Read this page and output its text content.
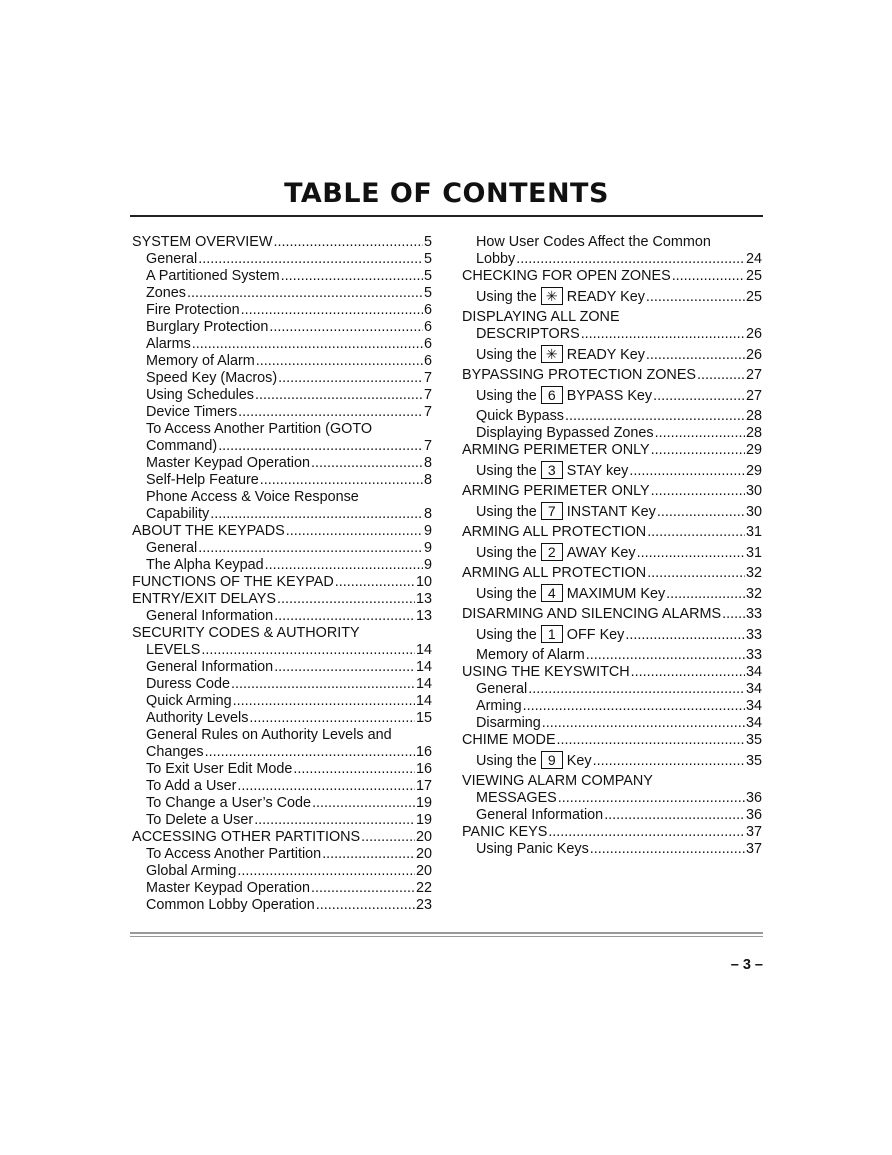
TABLE OF CONTENTS
SYSTEM OVERVIEW .....	5
General .....	5
A Partitioned System .....	5
Zones .....	5
Fire Protection .....	6
Burglary Protection .....	6
Alarms .....	6
Memory of Alarm .....	6
Speed Key (Macros) .....	7
Using Schedules .....	7
Device Timers .....	7
To Access Another Partition (GOTO
Command) .....	7
Master Keypad Operation .....	8
Self-Help Feature .....	8
Phone Access & Voice Response
Capability .....	8
ABOUT THE KEYPADS .....	9
General .....	9
The Alpha Keypad .....	9
FUNCTIONS OF THE KEYPAD .....	10
ENTRY/EXIT DELAYS .....	13
General Information .....	13
SECURITY CODES & AUTHORITY
LEVELS .....	14
General Information .....	14
Duress Code .....	14
Quick Arming .....	14
Authority Levels .....	15
General Rules on Authority Levels and
Changes .....	16
To Exit User Edit Mode .....	16
To Add a User .....	17
To Change a User’s Code .....	19
To Delete a User .....	19
ACCESSING OTHER PARTITIONS .....	20
To Access Another Partition .....	20
Global Arming .....	20
Master Keypad Operation .....	22
Common Lobby Operation .....	23
How User Codes Affect the Common
Lobby .....	24
CHECKING FOR OPEN ZONES .....	25
Using the ✳ READY Key .....	25
DISPLAYING ALL ZONE
DESCRIPTORS .....	26
Using the ✳ READY Key .....	26
BYPASSING PROTECTION ZONES .....	27
Using the 6 BYPASS Key .....	27
Quick Bypass .....	28
Displaying Bypassed Zones .....	28
ARMING PERIMETER ONLY .....	29
Using the 3 STAY key .....	29
ARMING PERIMETER ONLY .....	30
Using the 7 INSTANT Key .....	30
ARMING ALL PROTECTION .....	31
Using the 2 AWAY Key .....	31
ARMING ALL PROTECTION .....	32
Using the 4 MAXIMUM Key .....	32
DISARMING AND SILENCING ALARMS ..... 33
Using the 1 OFF Key .....	33
Memory of Alarm .....	33
USING THE KEYSWITCH .....	34
General .....	34
Arming .....	34
Disarming .....	34
CHIME MODE .....	35
Using the 9 Key .....	35
VIEWING ALARM COMPANY
MESSAGES .....	36
General Information .....	36
PANIC KEYS .....	37
Using Panic Keys .....	37
– 3 –
